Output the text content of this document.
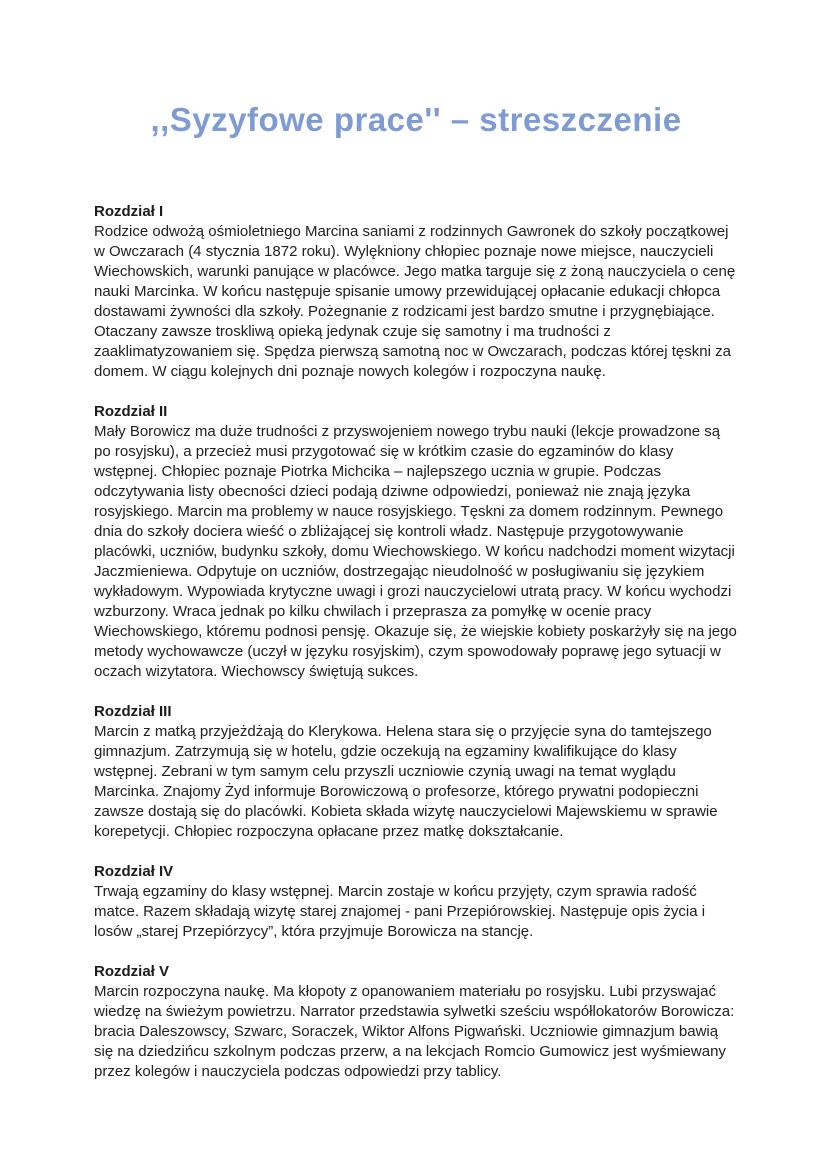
,,Syzyfowe prace'' – streszczenie
Rozdział I

Rodzice odwożą ośmioletniego Marcina saniami z rodzinnych Gawronek do szkoły początkowej w Owczarach (4 stycznia 1872 roku). Wylękniony chłopiec poznaje nowe miejsce, nauczycieli Wiechowskich, warunki panujące w placówce. Jego matka targuje się z żoną nauczyciela o cenę nauki Marcinka. W końcu następuje spisanie umowy przewidującej opłacanie edukacji chłopca dostawami żywności dla szkoły. Pożegnanie z rodzicami jest bardzo smutne i przygnębiające. Otaczany zawsze troskliwą opieką jedynak czuje się samotny i ma trudności z zaaklimatyzowaniem się. Spędza pierwszą samotną noc w Owczarach, podczas której tęskni za domem. W ciągu kolejnych dni poznaje nowych kolegów i rozpoczyna naukę.

Rozdział II

Mały Borowicz ma duże trudności z przyswojeniem nowego trybu nauki (lekcje prowadzone są po rosyjsku), a przecież musi przygotować się w krótkim czasie do egzaminów do klasy wstępnej. Chłopiec poznaje Piotrka Michcika – najlepszego ucznia w grupie. Podczas odczytywania listy obecności dzieci podają dziwne odpowiedzi, ponieważ nie znają języka rosyjskiego. Marcin ma problemy w nauce rosyjskiego. Tęskni za domem rodzinnym. Pewnego dnia do szkoły dociera wieść o zbliżającej się kontroli władz. Następuje przygotowywanie placówki, uczniów, budynku szkoły, domu Wiechowskiego. W końcu nadchodzi moment wizytacji Jaczmieniewa. Odpytuje on uczniów, dostrzegając nieudolność w posługiwaniu się językiem wykładowym. Wypowiada krytyczne uwagi i grozi nauczycielowi utratą pracy. W końcu wychodzi wzburzony. Wraca jednak po kilku chwilach i przeprasza za pomyłkę w ocenie pracy Wiechowskiego, któremu podnosi pensję. Okazuje się, że wiejskie kobiety poskarżyły się na jego metody wychowawcze (uczył w języku rosyjskim), czym spowodowały poprawę jego sytuacji w oczach wizytatora. Wiechowscy świętują sukces.

Rozdział III

Marcin z matką przyjeżdżają do Klerykowa. Helena stara się o przyjęcie syna do tamtejszego gimnazjum. Zatrzymują się w hotelu, gdzie oczekują na egzaminy kwalifikujące do klasy wstępnej. Zebrani w tym samym celu przyszli uczniowie czynią uwagi na temat wyglądu Marcinka. Znajomy Żyd informuje Borowiczową o profesorze, którego prywatni podopieczni zawsze dostają się do placówki. Kobieta składa wizytę nauczycielowi Majewskiemu w sprawie korepetycji. Chłopiec rozpoczyna opłacane przez matkę dokształcanie.

Rozdział IV

Trwają egzaminy do klasy wstępnej. Marcin zostaje w końcu przyjęty, czym sprawia radość matce. Razem składają wizytę starej znajomej - pani Przepiórowskiej. Następuje opis życia i losów „starej Przepiórzycy”, która przyjmuje Borowicza na stancję.

Rozdział V

Marcin rozpoczyna naukę. Ma kłopoty z opanowaniem materiału po rosyjsku. Lubi przyswajać wiedzę na świeżym powietrzu. Narrator przedstawia sylwetki sześciu współlokatorów Borowicza: bracia Daleszowscy, Szwarc, Soraczek, Wiktor Alfons Pigwański. Uczniowie gimnazjum bawią się na dziedzińcu szkolnym podczas przerw, a na lekcjach Romcio Gumowicz jest wyśmiewany przez kolegów i nauczyciela podczas odpowiedzi przy tablicy.
